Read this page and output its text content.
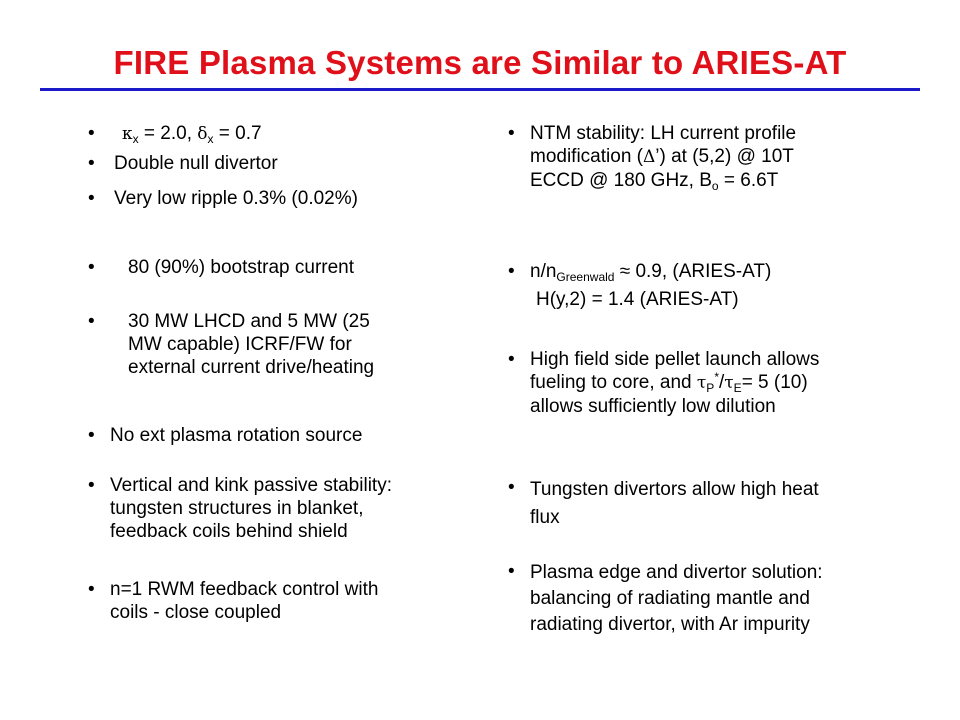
FIRE Plasma Systems are Similar to ARIES-AT
• $\kappa_x = 2.0$, $\delta_x = 0.7$
• Double null divertor
• Very low ripple 0.3% (0.02%)
• 80 (90%) bootstrap current
• 30 MW LHCD and 5 MW (25
MW capable) ICRF/FW for
external current drive/heating
• No ext plasma rotation source
• Vertical and kink passive stability:
tungsten structures in blanket,
feedback coils behind shield
• n=1 RWM feedback control with
coils - close coupled
• NTM stability: LH current profile
modification (Δ’) at (5,2) @ 10T
ECCD @ 180 GHz, $B_o = 6.6T$
• $n/n_{Greenwald} \approx 0.9$, (ARIES-AT)
H(y,2) = 1.4 (ARIES-AT)
• High field side pellet launch allows
fueling to core, and $\tau_P^*/\tau_E= 5$ (10)
allows sufficiently low dilution
• Tungsten divertors allow high heat
flux
• Plasma edge and divertor solution:
balancing of radiating mantle and
radiating divertor, with Ar impurity
